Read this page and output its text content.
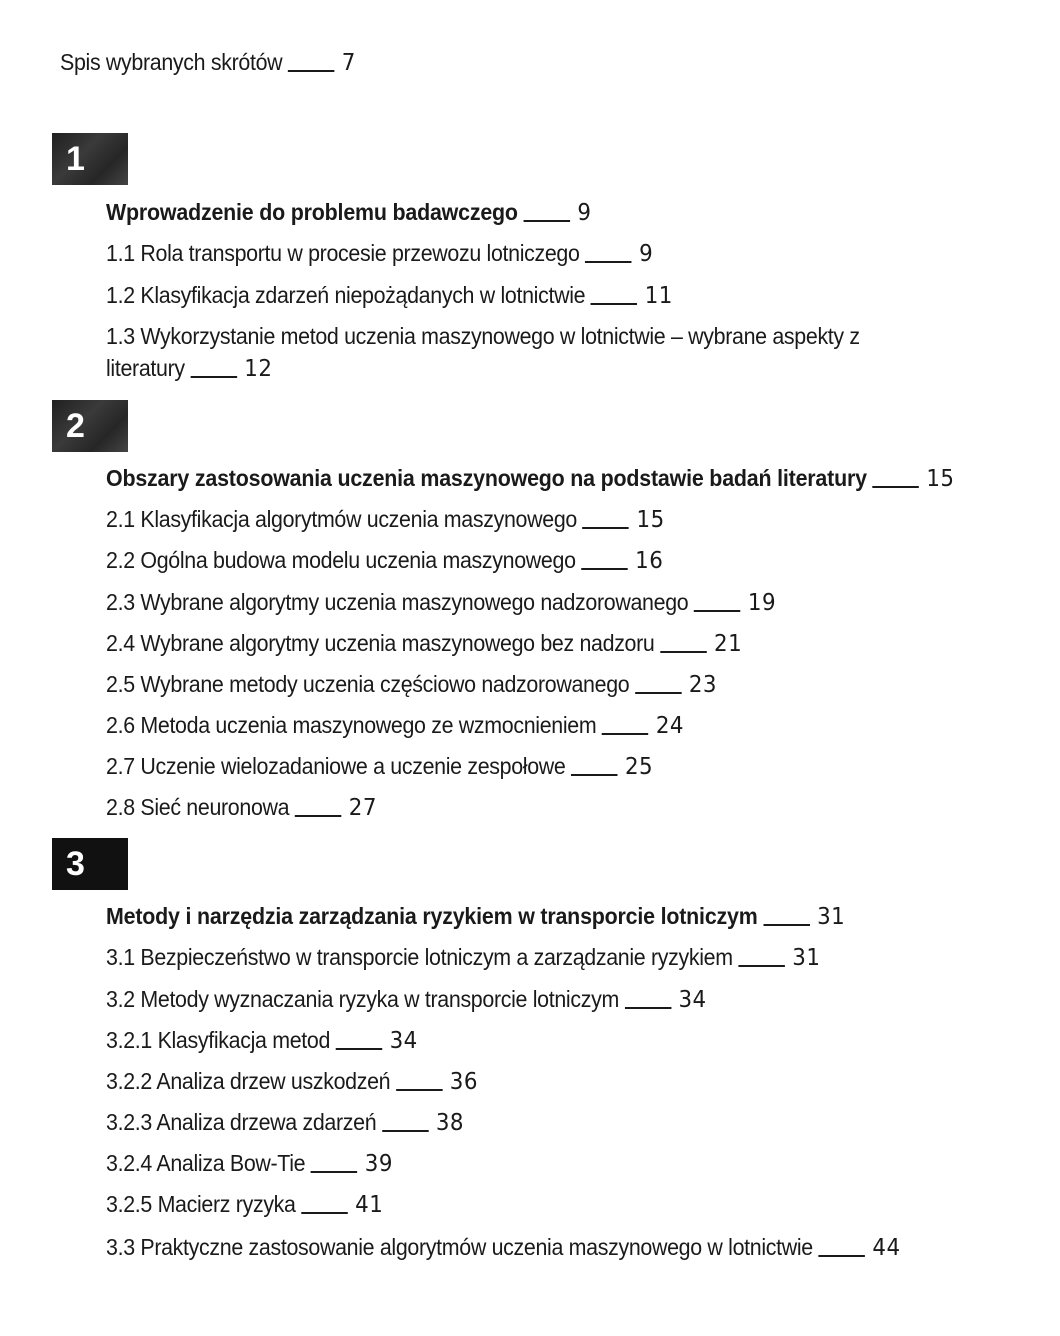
Spis wybranych skrótów	7
1
Wprowadzenie do problemu badawczego	9
1.1 Rola transportu w procesie przewozu lotniczego	9
1.2 Klasyfikacja zdarzeń niepożądanych w lotnictwie	11
1.3 Wykorzystanie metod uczenia maszynowego w lotnictwie – wybrane aspekty z literatury	12
2
Obszary zastosowania uczenia maszynowego na podstawie badań literatury	15
2.1 Klasyfikacja algorytmów uczenia maszynowego	15
2.2 Ogólna budowa modelu uczenia maszynowego	16
2.3 Wybrane algorytmy uczenia maszynowego nadzorowanego	19
2.4 Wybrane algorytmy uczenia maszynowego bez nadzoru	21
2.5 Wybrane metody uczenia częściowo nadzorowanego	23
2.6 Metoda uczenia maszynowego ze wzmocnieniem	24
2.7 Uczenie wielozadaniowe a uczenie zespołowe	25
2.8 Sieć neuronowa	27
3
Metody i narzędzia zarządzania ryzykiem w transporcie lotniczym	31
3.1 Bezpieczeństwo w transporcie lotniczym a zarządzanie ryzykiem	31
3.2 Metody wyznaczania ryzyka w transporcie lotniczym	34
3.2.1 Klasyfikacja metod	34
3.2.2 Analiza drzew uszkodzeń	36
3.2.3 Analiza drzewa zdarzeń	38
3.2.4 Analiza Bow-Tie	39
3.2.5 Macierz ryzyka	41
3.3 Praktyczne zastosowanie algorytmów uczenia maszynowego w lotnictwie	44
